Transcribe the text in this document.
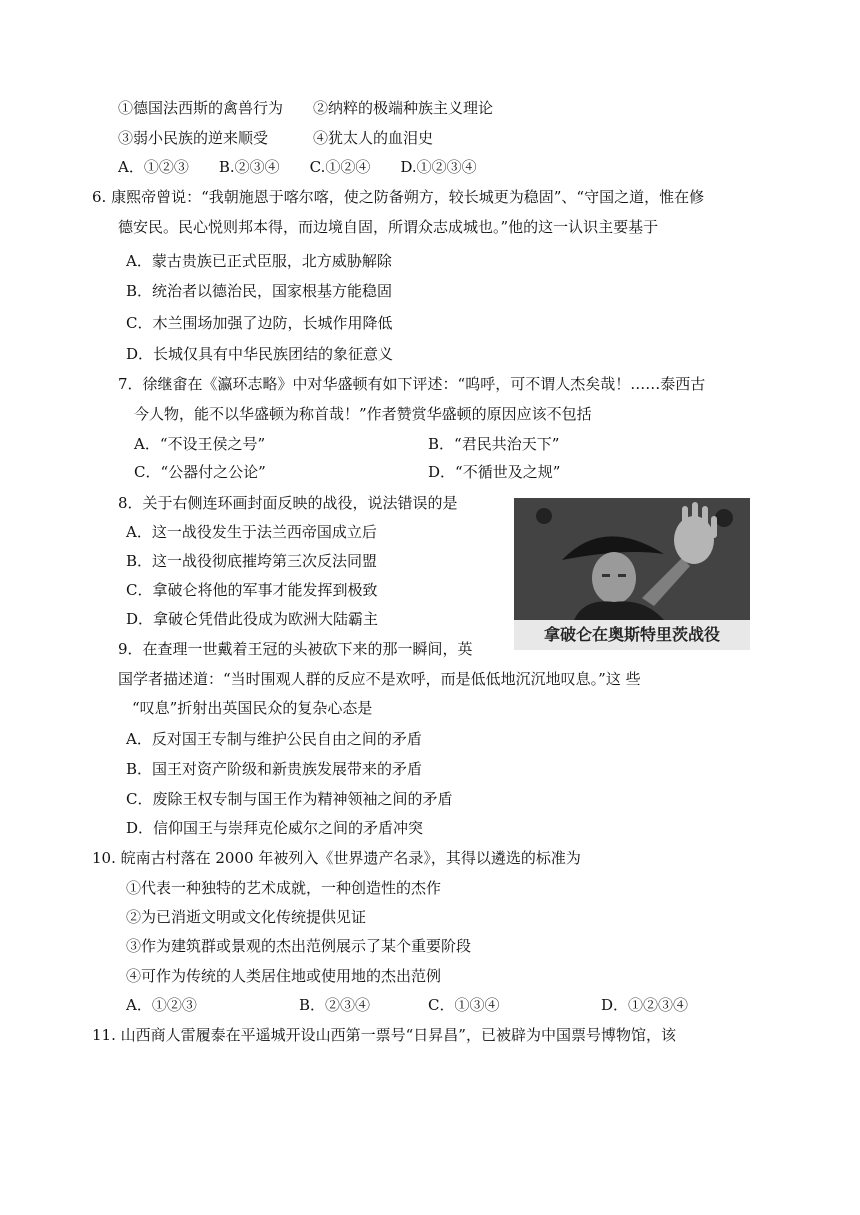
①德国法西斯的禽兽行为　　②纳粹的极端种族主义理论
③弱小民族的逆来顺受　　　④犹太人的血泪史
A．①②③　　B.②③④　　C.①②④　　D.①②③④
6. 康熙帝曾说：“我朝施恩于喀尔喀，使之防备朔方，较长城更为稳固”、“守国之道，惟在修
德安民。民心悦则邦本得，而边境自固，所谓众志成城也。”他的这一认识主要基于
A．蒙古贵族已正式臣服，北方威胁解除
B．统治者以德治民，国家根基方能稳固
C．木兰围场加强了边防，长城作用降低
D．长城仅具有中华民族团结的象征意义
7．徐继畬在《瀛环志略》中对华盛顿有如下评述：“呜呼，可不谓人杰矣哉！……泰西古
今人物，能不以华盛顿为称首哉！”作者赞赏华盛顿的原因应该不包括
A．“不设王侯之号”	B．“君民共治天下”
C．“公器付之公论”	D．“不循世及之规”
8．关于右侧连环画封面反映的战役，说法错误的是
A．这一战役发生于法兰西帝国成立后
B．这一战役彻底摧垮第三次反法同盟
C．拿破仑将他的军事才能发挥到极致
D．拿破仑凭借此役成为欧洲大陆霸主
拿破仑在奥斯特里茨战役
9．在查理一世戴着王冠的头被砍下来的那一瞬间，英
国学者描述道：“当时围观人群的反应不是欢呼，而是低低地沉沉地叹息。”这 些
“叹息”折射出英国民众的复杂心态是
A．反对国王专制与维护公民自由之间的矛盾
B．国王对资产阶级和新贵族发展带来的矛盾
C．废除王权专制与国王作为精神领袖之间的矛盾
D．信仰国王与崇拜克伦威尔之间的矛盾冲突
10. 皖南古村落在 2000 年被列入《世界遗产名录》，其得以遴选的标准为
①代表一种独特的艺术成就，一种创造性的杰作
②为已消逝文明或文化传统提供见证
③作为建筑群或景观的杰出范例展示了某个重要阶段
④可作为传统的人类居住地或使用地的杰出范例
A．①②③	B．②③④	C．①③④	D．①②③④
11. 山西商人雷履泰在平遥城开设山西第一票号“日昇昌”，已被辟为中国票号博物馆，该
